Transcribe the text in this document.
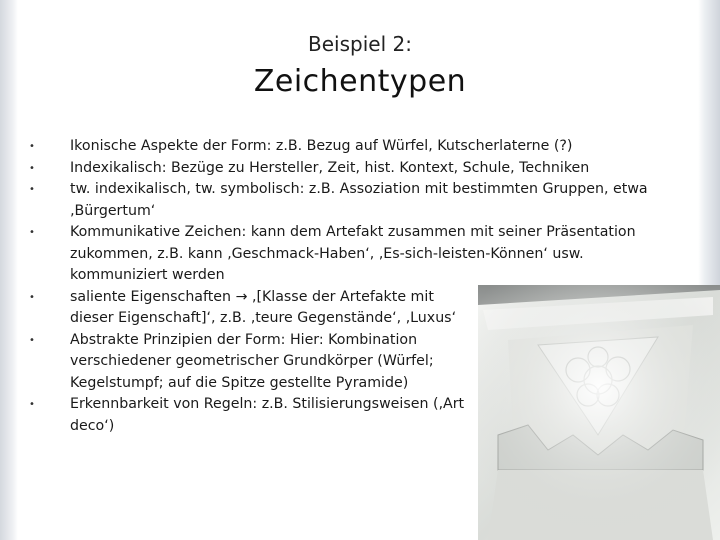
Beispiel 2:
Zeichentypen
• Ikonische Aspekte der Form: z.B. Bezug auf Würfel, Kutscherlaterne (?)
• Indexikalisch: Bezüge zu Hersteller, Zeit, hist. Kontext, Schule, Techniken
• tw. indexikalisch, tw. symbolisch: z.B. Assoziation mit bestimmten Gruppen, etwa ‚Bürgertum‘
• Kommunikative Zeichen: kann dem Artefakt zusammen mit seiner Präsentation zukommen, z.B. kann ‚Geschmack-Haben‘, ‚Es-sich-leisten-Können‘ usw. kommuniziert werden
• saliente Eigenschaften → ‚[Klasse der Artefakte mit dieser Eigenschaft]‘, z.B. ‚teure Gegenstände‘, ‚Luxus‘
• Abstrakte Prinzipien der Form: Hier: Kombination verschiedener geometrischer Grundkörper (Würfel; Kegelstumpf; auf die Spitze gestellte Pyramide)
• Erkennbarkeit von Regeln: z.B. Stilisierungsweisen (‚Art deco‘)
